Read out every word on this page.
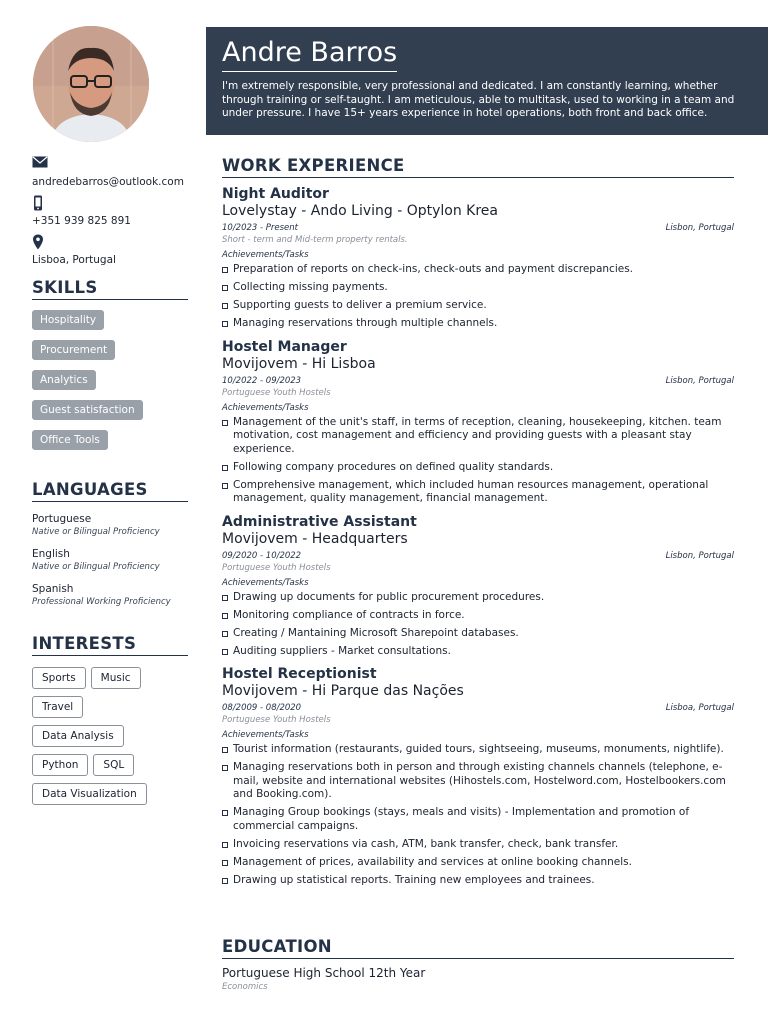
andredebarros@outlook.com
+351 939 825 891
Lisboa, Portugal
SKILLS
Hospitality
Procurement
Analytics
Guest satisfaction
Office Tools
LANGUAGES
Portuguese
Native or Bilingual Proficiency
English
Native or Bilingual Proficiency
Spanish
Professional Working Proficiency
INTERESTS
Sports Music
Travel
Data Analysis
Python SQL
Data Visualization
Andre Barros
I'm extremely responsible, very professional and dedicated. I am constantly learning, whether through training or self-taught. I am meticulous, able to multitask, used to working in a team and under pressure. I have 15+ years experience in hotel operations, both front and back office.
WORK EXPERIENCE
Night Auditor
Lovelystay - Ando Living - Optylon Krea
10/2023 - Present	Lisbon, Portugal
Short - term and Mid-term property rentals.
Achievements/Tasks
Preparation of reports on check-ins, check-outs and payment discrepancies.
Collecting missing payments.
Supporting guests to deliver a premium service.
Managing reservations through multiple channels.
Hostel Manager
Movijovem - Hi Lisboa
10/2022 - 09/2023	Lisbon, Portugal
Portuguese Youth Hostels
Achievements/Tasks
Management of the unit's staff, in terms of reception, cleaning, housekeeping, kitchen. team motivation, cost management and efficiency and providing guests with a pleasant stay experience.
Following company procedures on defined quality standards.
Comprehensive management, which included human resources management, operational management, quality management, financial management.
Administrative Assistant
Movijovem - Headquarters
09/2020 - 10/2022	Lisbon, Portugal
Portuguese Youth Hostels
Achievements/Tasks
Drawing up documents for public procurement procedures.
Monitoring compliance of contracts in force.
Creating / Mantaining Microsoft Sharepoint databases.
Auditing suppliers - Market consultations.
Hostel Receptionist
Movijovem - Hi Parque das Nações
08/2009 - 08/2020	Lisboa, Portugal
Portuguese Youth Hostels
Achievements/Tasks
Tourist information (restaurants, guided tours, sightseeing, museums, monuments, nightlife).
Managing reservations both in person and through existing channels channels (telephone, e-mail, website and international websites (Hihostels.com, Hostelword.com, Hostelbookers.com and Booking.com).
Managing Group bookings (stays, meals and visits) - Implementation and promotion of commercial campaigns.
Invoicing reservations via cash, ATM, bank transfer, check, bank transfer.
Management of prices, availability and services at online booking channels.
Drawing up statistical reports. Training new employees and trainees.
EDUCATION
Portuguese High School 12th Year
Economics
